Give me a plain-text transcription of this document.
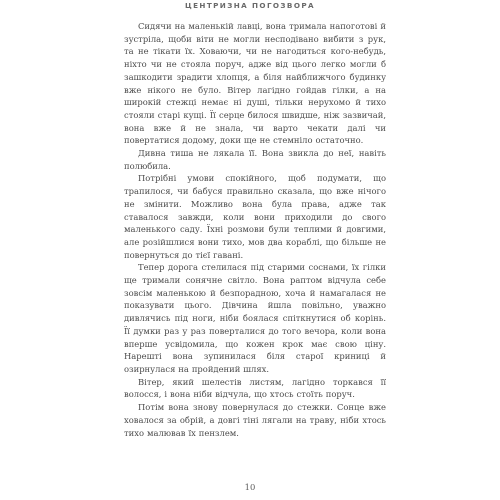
ЦЕНТРИЗНА ПОГОЗВОРА

Сидячи на маленькій лавці, вона тримала напоготові й зустріла, щоби віти не могли несподівано вибити з рук, та не тікати їх. Ховаючи, чи не нагодиться кого-небудь, ніхто чи не стояла поруч, адже від цього легко могли б зашкодити зрадити хлопця, а біля найближчого будинку вже нікого не було. Вітер лагідно гойдав гілки, а на широкій стежці немає ні душі, тільки нерухомо й тихо стояли старі кущі. Її серце билося швидше, ніж зазвичай, вона вже й не знала, чи варто чекати далі чи повертатися додому, доки ще не стемніло остаточно.

Дивна тиша не лякала її. Вона звикла до неї, навіть полюбила.

Потрібні умови спокійного, щоб подумати, що трапилося, чи бабуся правильно сказала, що вже нічого не змінити. Можливо вона була права, адже так ставалося завжди, коли вони приходили до свого маленького саду. Їхні розмови були теплими й довгими, але розійшлися вони тихо, мов два кораблі, що більше не повернуться до тієї гавані.

Тепер дорога стелилася під старими соснами, їх гілки ще тримали сонячне світло. Вона раптом відчула себе зовсім маленькою й безпорадною, хоча й намагалася не показувати цього. Дівчина йшла повільно, уважно дивлячись під ноги, ніби боялася спіткнутися об корінь. Її думки раз у раз поверталися до того вечора, коли вона вперше усвідомила, що кожен крок має свою ціну. Нарешті вона зупинилася біля старої криниці й озирнулася на пройдений шлях.

Вітер, який шелестів листям, лагідно торкався її волосся, і вона ніби відчула, що хтось стоїть поруч.

Потім вона знову повернулася до стежки. Сонце вже ховалося за обрій, а довгі тіні лягали на траву, ніби хтось тихо малював їх пензлем.

10
